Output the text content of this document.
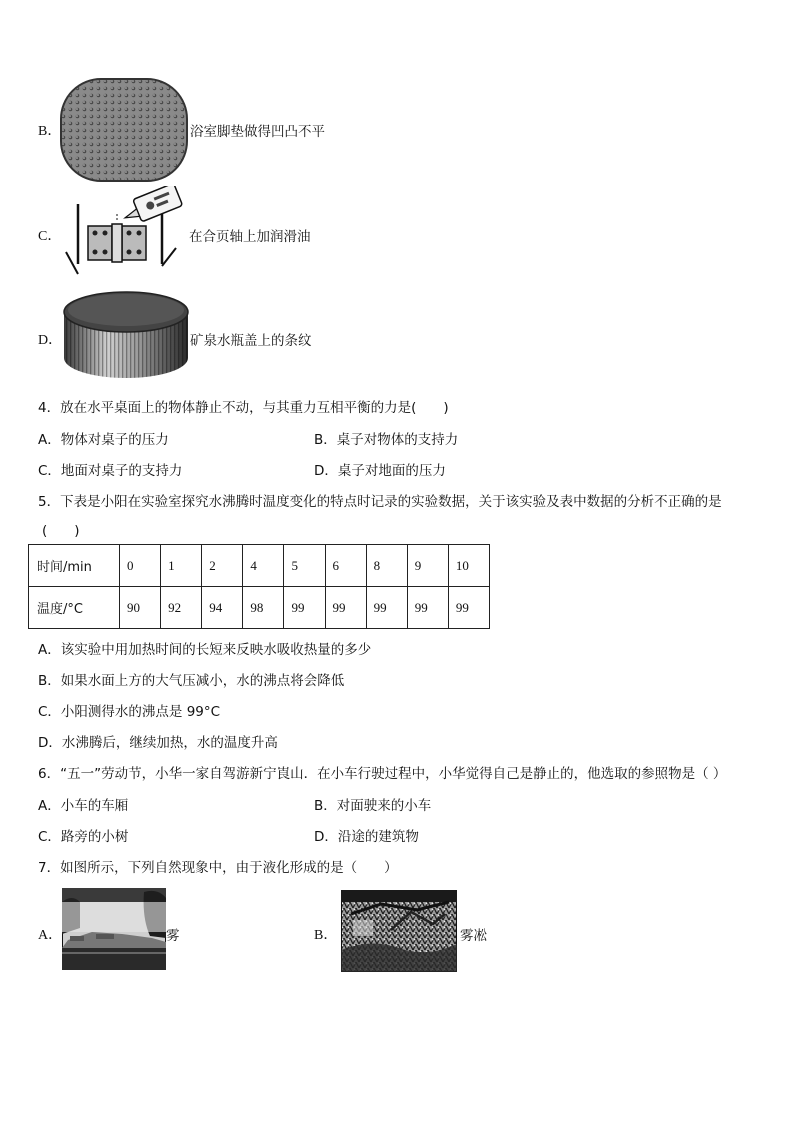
B．	浴室脚垫做得凹凸不平
C．	在合页轴上加润滑油
D．	矿泉水瓶盖上的条纹
4．放在水平桌面上的物体静止不动，与其重力互相平衡的力是(　　)
A．物体对桌子的压力	B．桌子对物体的支持力
C．地面对桌子的支持力	D．桌子对地面的压力
5．下表是小阳在实验室探究水沸腾时温度变化的特点时记录的实验数据，关于该实验及表中数据的分析不正确的是
(　　)
时间/min	0	1	2	4	5	6	8	9	10
温度/°C	90	92	94	98	99	99	99	99	99
A．该实验中用加热时间的长短来反映水吸收热量的多少
B．如果水面上方的大气压减小，水的沸点将会降低
C．小阳测得水的沸点是 99°C
D．水沸腾后，继续加热，水的温度升高
6．“五一”劳动节，小华一家自驾游新宁崀山．在小车行驶过程中，小华觉得自己是静止的，他选取的参照物是（ ）
A．小车的车厢	B．对面驶来的小车
C．路旁的小树	D．沿途的建筑物
7．如图所示，下列自然现象中，由于液化形成的是（　　）
A．	雾	B．	雾凇
